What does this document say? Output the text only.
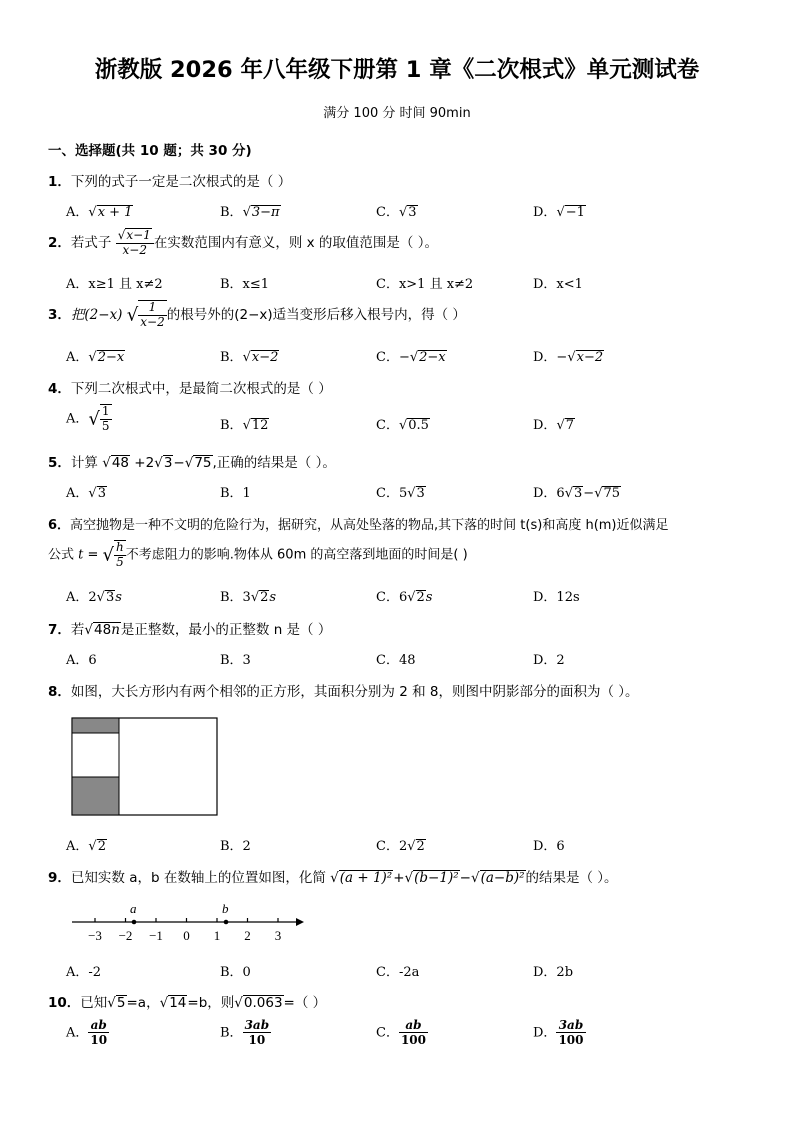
浙教版 2026 年八年级下册第 1 章《二次根式》单元测试卷
满分 100 分 时间 90min
一、选择题(共 10 题；共 30 分)
1．下列的式子一定是二次根式的是（ ）
A． √ x + 1	B． √ 3−π	C． √ 3	D． √ −1
2．若式子 $\frac{√x-1}{x-2}$ 在实数范围内有意义，则 x 的取值范围是（ ）。
A．x≥1 且 x≠2	B．x≤1	C．x>1 且 x≠2	D．x<1
3．把(2−x) √ $\frac{1}{x-2}$ 的根号外的(2−x)适当变形后移入根号内，得（ ）
A． √ 2−x	B． √ x−2	C．− √ 2−x	D．− √ x−2
4．下列二次根式中，是最简二次根式的是（ ）
A．√ $\frac{1}{5}$	B． √ 12	C． √ 0.5	D． √ 7
5．计算 √ 48 +2 √ 3− √ 75,正确的结果是（ ）。
A． √ 3	B．1	C．5 √ 3	D．6 √ 3− √ 75
6．高空抛物是一种不文明的危险行为，据研究，从高处坠落的物品,其下落的时间 t(s)和高度 h(m)近似满足
公式 t = √ $\frac{h}{5}$ 不考虑阻力的影响.物体从 60m 的高空落到地面的时间是( )
A．2 √ 3s	B．3 √ 2s	C．6 √ 2s	D．12s
7．若 √ 48n是正整数，最小的正整数 n 是（ ）
A．6	B．3	C．48	D．2
8．如图，大长方形内有两个相邻的正方形，其面积分别为 2 和 8，则图中阴影部分的面积为（ ）。
A． √ 2	B．2	C．2 √ 2	D．6
9．已知实数 a，b 在数轴上的位置如图，化简 √ (a + 1)²+ √ (b−1)²− √ (a−b)²的结果是（ ）。
−3 −2 −1 0 1 2 3
a	b
A．-2	B．0	C．-2a	D．2b
10．已知 √ 5=a， √ 14=b，则 √ 0.063=（ ）
A． $\frac{ab}{10}$	B． $\frac{3ab}{10}$	C． $\frac{ab}{100}$	D． $\frac{3ab}{100}$
